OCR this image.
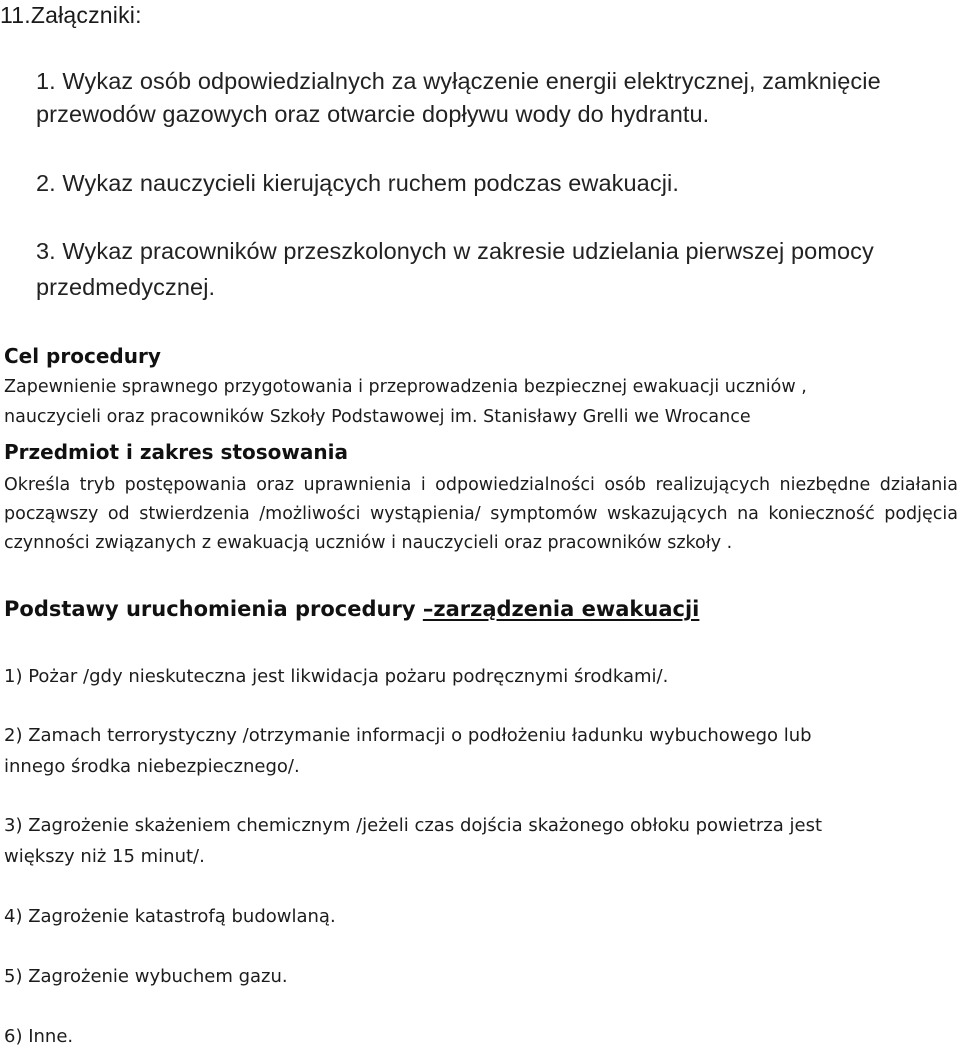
11.Załączniki:
1. Wykaz osób odpowiedzialnych za wyłączenie energii elektrycznej, zamknięcie
przewodów gazowych oraz otwarcie dopływu wody do hydrantu.
2. Wykaz nauczycieli kierujących ruchem podczas ewakuacji.
3. Wykaz pracowników przeszkolonych w zakresie udzielania pierwszej pomocy
przedmedycznej.
Cel procedury
Zapewnienie sprawnego przygotowania i przeprowadzenia bezpiecznej ewakuacji uczniów ,
nauczycieli oraz pracowników Szkoły Podstawowej im. Stanisławy Grelli we Wrocance
Przedmiot i zakres stosowania
Określa tryb postępowania oraz uprawnienia i odpowiedzialności osób realizujących niezbędne działania począwszy od stwierdzenia /możliwości wystąpienia/ symptomów wskazujących na konieczność podjęcia czynności związanych z ewakuacją uczniów i nauczycieli oraz pracowników szkoły .
Podstawy uruchomienia procedury –zarządzenia ewakuacji
1) Pożar /gdy nieskuteczna jest likwidacja pożaru podręcznymi środkami/.
2) Zamach terrorystyczny /otrzymanie informacji o podłożeniu ładunku wybuchowego lub
innego środka niebezpiecznego/.
3) Zagrożenie skażeniem chemicznym /jeżeli czas dojścia skażonego obłoku powietrza jest
większy niż 15 minut/.
4) Zagrożenie katastrofą budowlaną.
5) Zagrożenie wybuchem gazu.
6) Inne.
